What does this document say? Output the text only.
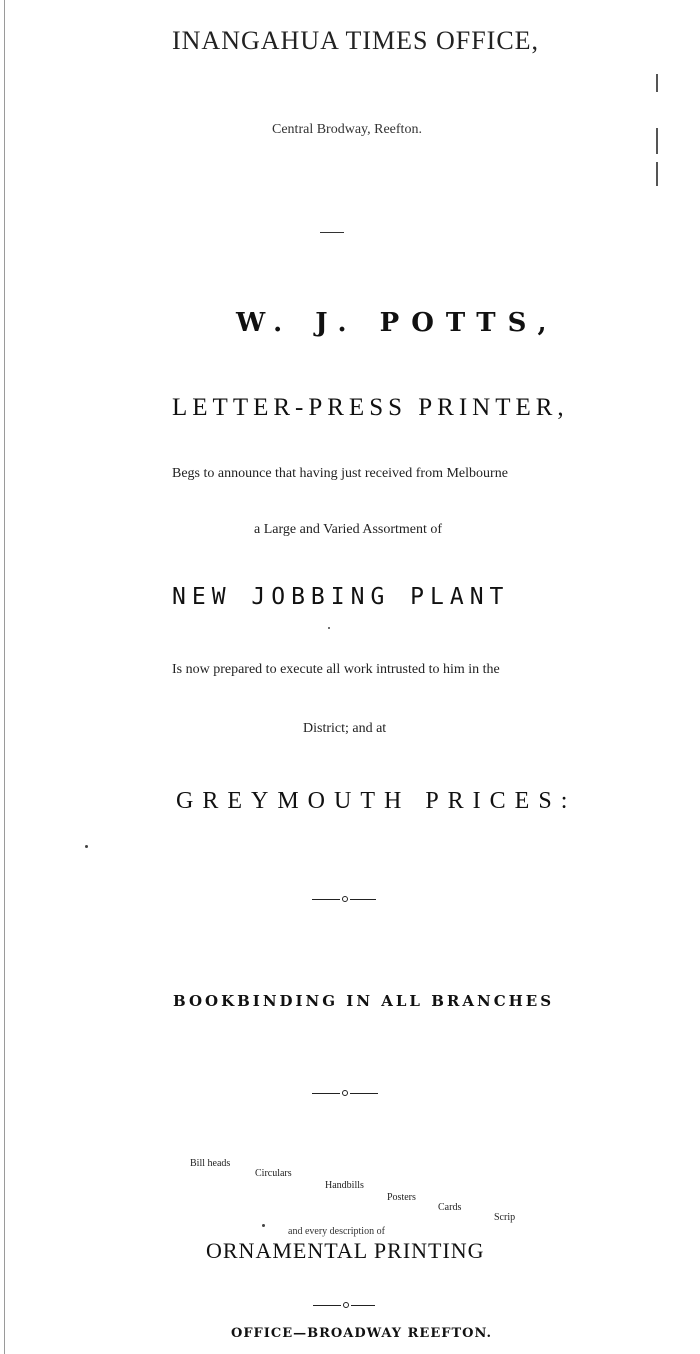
INANGAHUA TIMES OFFICE,
Central Brodway, Reefton.
W. J. POTTS,
LETTER-PRESS PRINTER,
Begs to announce that having just received from Melbourne
a Large and Varied Assortment of
NEW JOBBING PLANT
Is now prepared to execute all work intrusted to him in the
District; and at
GREYMOUTH PRICES:
BOOKBINDING IN ALL BRANCHES
Bill heads
Circulars
Handbills
Posters
Cards
Scrip
and every description of
ORNAMENTAL PRINTING
OFFICE—BROADWAY REEFTON.
